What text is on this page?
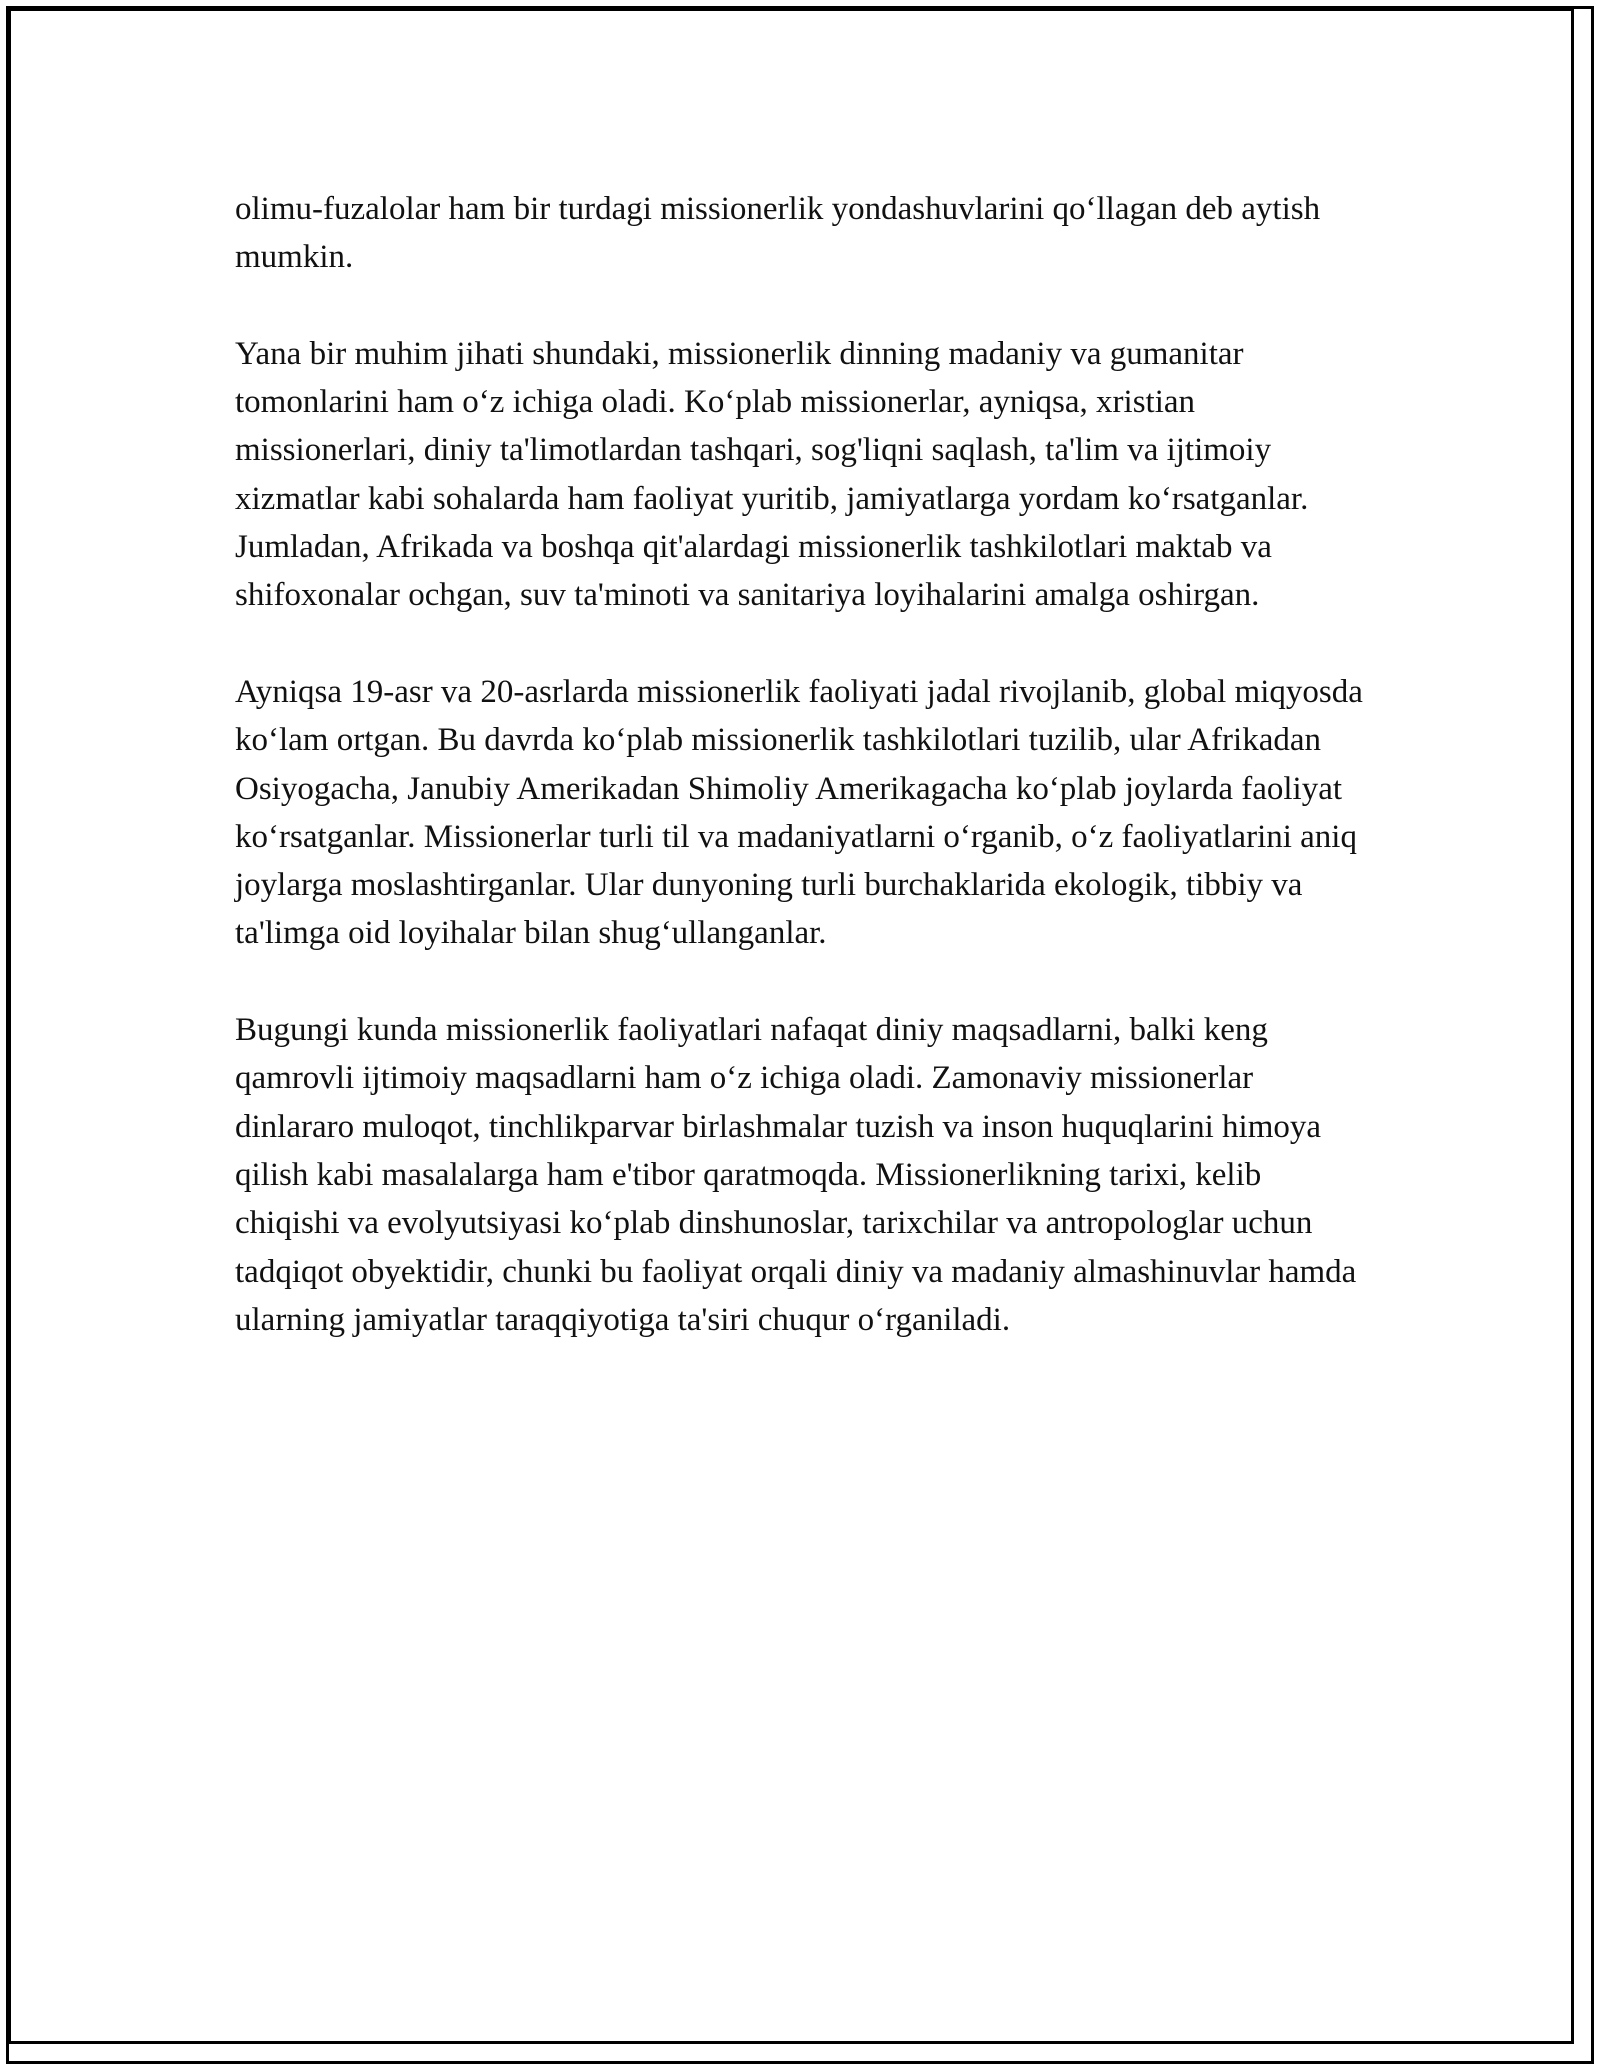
olimu-fuzalolar ham bir turdagi missionerlik yondashuvlarini qo‘llagan deb aytish mumkin.

Yana bir muhim jihati shundaki, missionerlik dinning madaniy va gumanitar tomonlarini ham o‘z ichiga oladi. Ko‘plab missionerlar, ayniqsa, xristian missionerlari, diniy ta'limotlardan tashqari, sog'liqni saqlash, ta'lim va ijtimoiy xizmatlar kabi sohalarda ham faoliyat yuritib, jamiyatlarga yordam ko‘rsatganlar. Jumladan, Afrikada va boshqa qit'alardagi missionerlik tashkilotlari maktab va shifoxonalar ochgan, suv ta'minoti va sanitariya loyihalarini amalga oshirgan.

Ayniqsa 19-asr va 20-asrlarda missionerlik faoliyati jadal rivojlanib, global miqyosda ko‘lam ortgan. Bu davrda ko‘plab missionerlik tashkilotlari tuzilib, ular Afrikadan Osiyogacha, Janubiy Amerikadan Shimoliy Amerikagacha ko‘plab joylarda faoliyat ko‘rsatganlar. Missionerlar turli til va madaniyatlarni o‘rganib, o‘z faoliyatlarini aniq joylarga moslashtirganlar. Ular dunyoning turli burchaklarida ekologik, tibbiy va ta'limga oid loyihalar bilan shug‘ullanganlar.

Bugungi kunda missionerlik faoliyatlari nafaqat diniy maqsadlarni, balki keng qamrovli ijtimoiy maqsadlarni ham o‘z ichiga oladi. Zamonaviy missionerlar dinlararo muloqot, tinchlikparvar birlashmalar tuzish va inson huquqlarini himoya qilish kabi masalalarga ham e'tibor qaratmoqda. Missionerlikning tarixi, kelib chiqishi va evolyutsiyasi ko‘plab dinshunoslar, tarixchilar va antropologlar uchun tadqiqot obyektidir, chunki bu faoliyat orqali diniy va madaniy almashinuvlar hamda ularning jamiyatlar taraqqiyotiga ta'siri chuqur o‘rganiladi.
